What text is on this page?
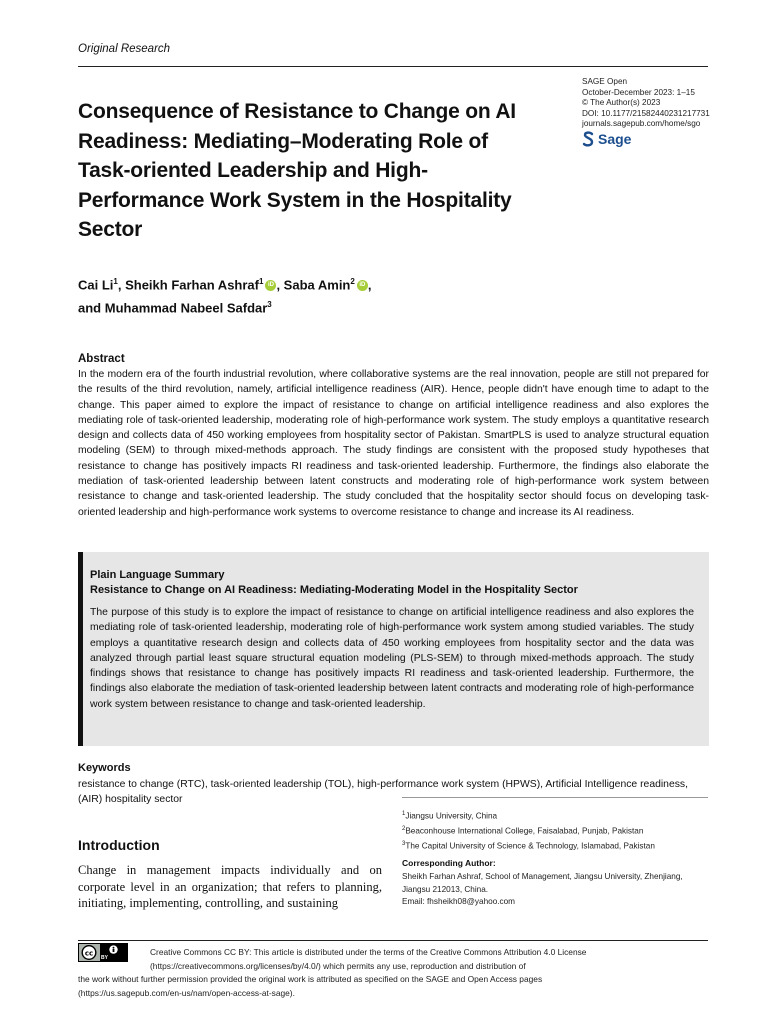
Original Research
SAGE Open
October-December 2023: 1–15
© The Author(s) 2023
DOI: 10.1177/21582440231217731
journals.sagepub.com/home/sgo
Sage
Consequence of Resistance to Change on AI Readiness: Mediating–Moderating Role of Task-oriented Leadership and High-Performance Work System in the Hospitality Sector
Cai Li$^1$, Sheikh Farhan Ashraf$^1$ iD , Saba Amin$^2$ iD ,
and Muhammad Nabeel Safdar$^3$
Abstract

In the modern era of the fourth industrial revolution, where collaborative systems are the real innovation, people are still not prepared for the results of the third revolution, namely, artificial intelligence readiness (AIR). Hence, people didn't have enough time to adapt to the change. This paper aimed to explore the impact of resistance to change on artificial intelligence readiness and also explores the mediating role of task-oriented leadership, moderating role of high-performance work system. The study employs a quantitative research design and collects data of 450 working employees from hospitality sector of Pakistan. SmartPLS is used to analyze structural equation modeling (SEM) to through mixed-methods approach. The study findings are consistent with the proposed study hypotheses that resistance to change has positively impacts RI readiness and task-oriented leadership. Furthermore, the findings also elaborate the mediation of task-oriented leadership between latent constructs and moderating role of high-performance work system between resistance to change and task-oriented leadership. The study concluded that the hospitality sector should focus on developing task-oriented leadership and high-performance work systems to overcome resistance to change and increase its AI readiness.

Plain Language Summary
Resistance to Change on AI Readiness: Mediating-Moderating Model in the Hospitality Sector

The purpose of this study is to explore the impact of resistance to change on artificial intelligence readiness and also explores the mediating role of task-oriented leadership, moderating role of high-performance work system among studied variables. The study employs a quantitative research design and collects data of 450 working employees from hospitality sector and the data was analyzed through partial least square structural equation modeling (PLS-SEM) to through mixed-methods approach. The study findings shows that resistance to change has positively impacts RI readiness and task-oriented leadership. Furthermore, the findings also elaborate the mediation of task-oriented leadership between latent contracts and moderating role of high-performance work system between resistance to change and task-oriented leadership.

Keywords

resistance to change (RTC), task-oriented leadership (TOL), high-performance work system (HPWS), Artificial Intelligence readiness, (AIR) hospitality sector

$^1$Jiangsu University, China
$^2$Beaconhouse International College, Faisalabad, Punjab, Pakistan
$^3$The Capital University of Science & Technology, Islamabad, Pakistan
Corresponding Author:
Sheikh Farhan Ashraf, School of Management, Jiangsu University, Zhenjiang,
Jiangsu 212013, China.
Email: fhsheikh08@yahoo.com
Introduction

Change in management impacts individually and on corporate level in an organization; that refers to planning, initiating, implementing, controlling, and sustaining

cc
BY

Creative Commons CC BY: This article is distributed under the terms of the Creative Commons Attribution 4.0 License
(https://creativecommons.org/licenses/by/4.0/) which permits any use, reproduction and distribution of
the work without further permission provided the original work is attributed as specified on the SAGE and Open Access pages
(https://us.sagepub.com/en-us/nam/open-access-at-sage).
